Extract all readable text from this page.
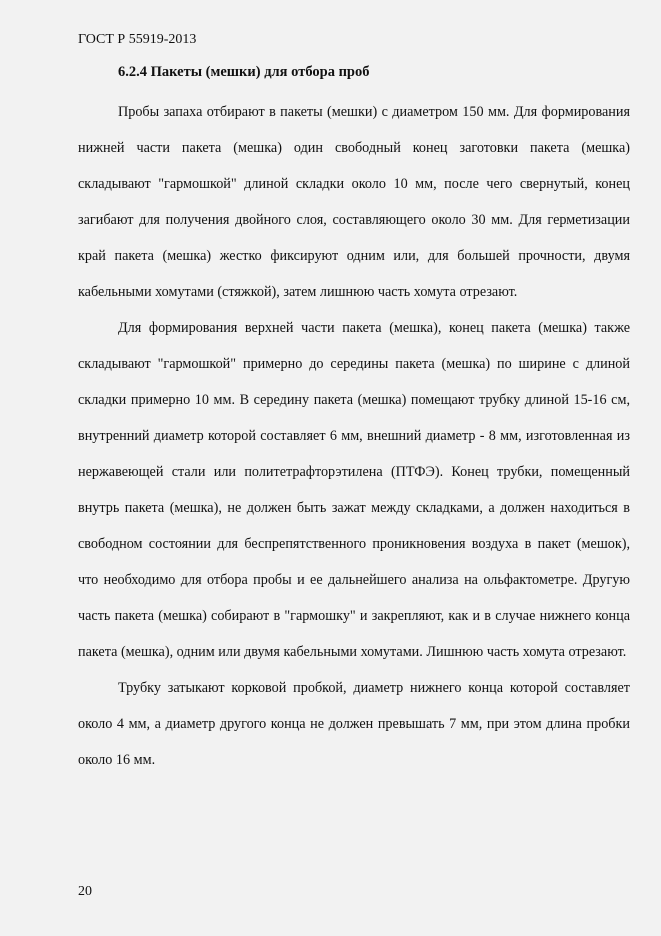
ГОСТ Р 55919-2013
6.2.4 Пакеты (мешки) для отбора проб

Пробы запаха отбирают в пакеты (мешки) с диаметром 150 мм. Для формирования нижней части пакета (мешка) один свободный конец заготовки пакета (мешка) складывают "гармошкой" длиной складки около 10 мм, после чего свернутый, конец загибают для получения двойного слоя, составляющего около 30 мм. Для герметизации край пакета (мешка) жестко фиксируют одним или, для большей прочности, двумя кабельными хомутами (стяжкой), затем лишнюю часть хомута отрезают.

Для формирования верхней части пакета (мешка), конец пакета (мешка) также складывают "гармошкой" примерно до середины пакета (мешка) по ширине с длиной складки примерно 10 мм. В середину пакета (мешка) помещают трубку длиной 15-16 см, внутренний диаметр которой составляет 6 мм, внешний диаметр - 8 мм, изготовленная из нержавеющей стали или политетрафторэтилена (ПТФЭ). Конец трубки, помещенный внутрь пакета (мешка), не должен быть зажат между складками, а должен находиться в свободном состоянии для беспрепятственного проникновения воздуха в пакет (мешок), что необходимо для отбора пробы и ее дальнейшего анализа на ольфактометре. Другую часть пакета (мешка) собирают в "гармошку" и закрепляют, как и в случае нижнего конца пакета (мешка), одним или двумя кабельными хомутами. Лишнюю часть хомута отрезают.

Трубку затыкают корковой пробкой, диаметр нижнего конца которой составляет около 4 мм, а диаметр другого конца не должен превышать 7 мм, при этом длина пробки около 16 мм.

20
